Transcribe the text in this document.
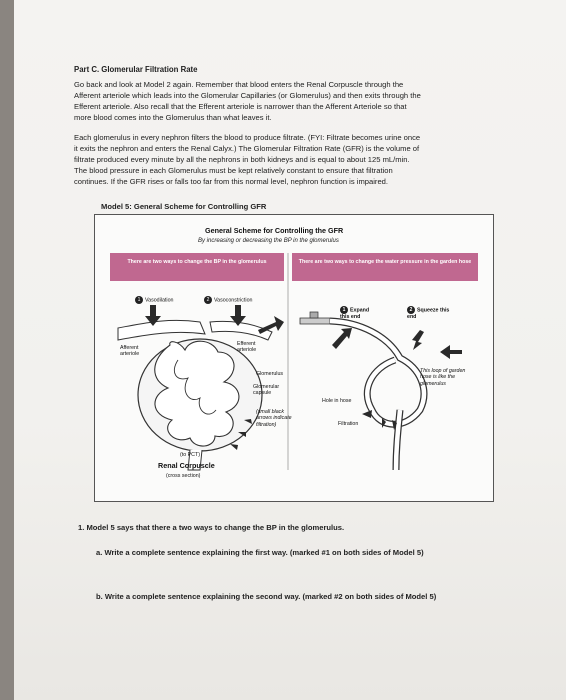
Part C. Glomerular Filtration Rate
Go back and look at Model 2 again. Remember that blood enters the Renal Corpuscle through the
Afferent arteriole which leads into the Glomerular Capillaries (or Glomerulus) and then exits through the
Efferent arteriole. Also recall that the Efferent arteriole is narrower than the Afferent Arteriole so that
more blood comes into the Glomerulus than what leaves it.
Each glomerulus in every nephron filters the blood to produce filtrate. (FYI: Filtrate becomes urine once
it exits the nephron and enters the Renal Calyx.) The Glomerular Filtration Rate (GFR) is the volume of
filtrate produced every minute by all the nephrons in both kidneys and is equal to about 125 mL/min.
The blood pressure in each Glomerulus must be kept relatively constant to ensure that filtration
continues. If the GFR rises or falls too far from this normal level, nephron function is impaired.
Model 5: General Scheme for Controlling GFR
General Scheme for Controlling the GFR
By increasing or decreasing the BP in the glomerulus
There are two ways to change the BP in the glomerulus	There are two ways to change the water pressure in the garden hose
1 Vasodilation	2 Vasoconstriction
Afferent arteriole
Efferent arteriole
Glomerulus
Glomerular capsule
(small black arrows indicate filtration)
(to PCT)
Renal Corpuscle
(cross section)
1 Expand this end
2 Squeeze this end
This loop of garden hose is like the glomerulus
Hole in hose
Filtration
1. Model 5 says that there a two ways to change the BP in the glomerulus.
a. Write a complete sentence explaining the first way. (marked #1 on both sides of Model 5)
b. Write a complete sentence explaining the second way. (marked #2 on both sides of Model 5)
